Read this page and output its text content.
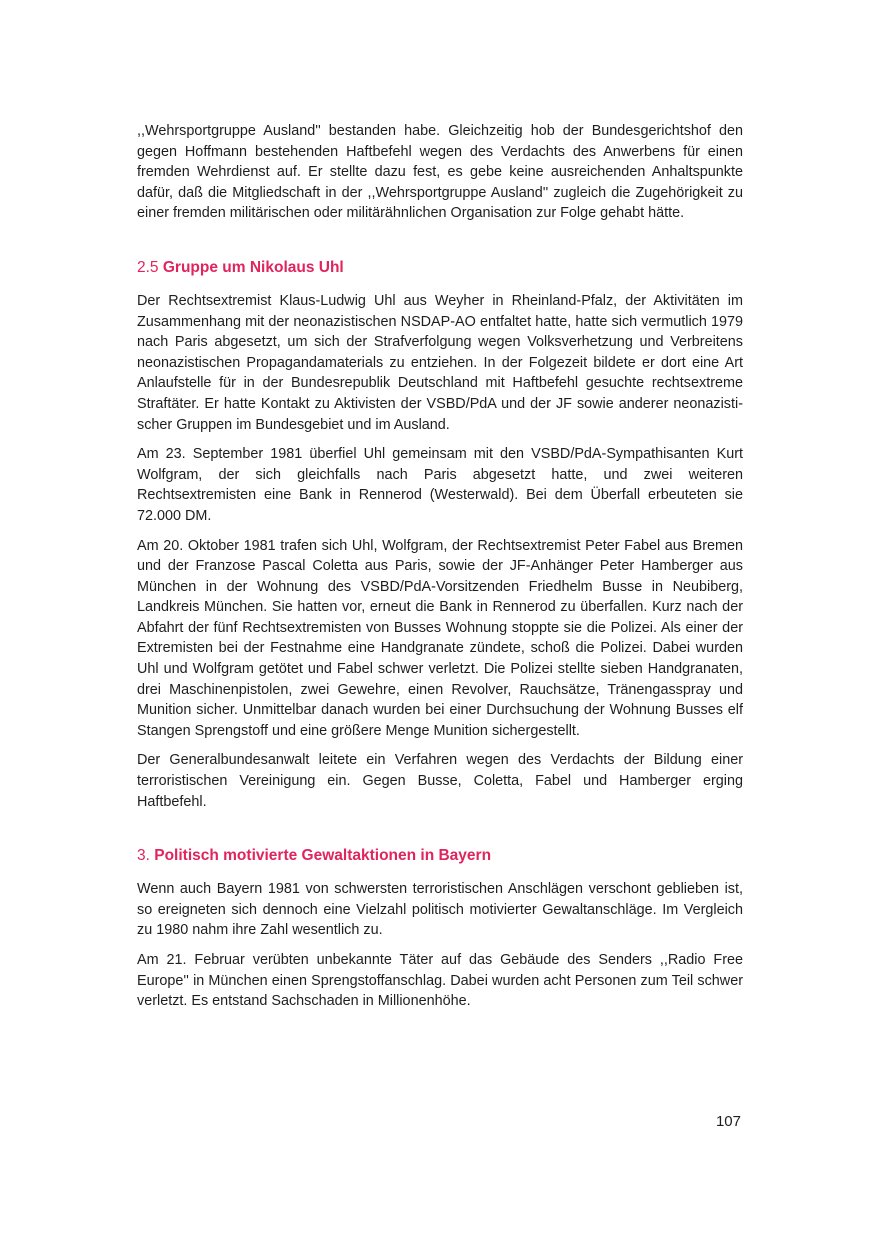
,,Wehrsportgruppe Ausland'' bestanden habe. Gleichzeitig hob der Bundesgerichtshof den gegen Hoffmann bestehenden Haftbefehl wegen des Verdachts des Anwerbens für einen fremden Wehrdienst auf. Er stellte dazu fest, es gebe keine ausreichenden Anhaltspunkte dafür, daß die Mitgliedschaft in der ,,Wehrsportgruppe Ausland'' zugleich die Zugehörigkeit zu einer fremden militärischen oder militärähnlichen Organisation zur Folge gehabt hätte.

2.5 Gruppe um Nikolaus Uhl

Der Rechtsextremist Klaus-Ludwig Uhl aus Weyher in Rheinland-Pfalz, der Aktivitäten im Zusammenhang mit der neonazistischen NSDAP-AO entfaltet hatte, hatte sich vermutlich 1979 nach Paris abgesetzt, um sich der Strafverfolgung wegen Volksverhetzung und Verbreitens neonazistischen Propagandamaterials zu entziehen. In der Folgezeit bildete er dort eine Art Anlaufstelle für in der Bundesrepublik Deutschland mit Haftbefehl gesuchte rechtsextreme Straftäter. Er hatte Kontakt zu Aktivisten der VSBD/PdA und der JF sowie anderer neonazistischer Gruppen im Bundesgebiet und im Ausland.

Am 23. September 1981 überfiel Uhl gemeinsam mit den VSBD/PdA-Sympathisanten Kurt Wolfgram, der sich gleichfalls nach Paris abgesetzt hatte, und zwei weiteren Rechtsextremisten eine Bank in Rennerod (Westerwald). Bei dem Überfall erbeuteten sie 72.000 DM.

Am 20. Oktober 1981 trafen sich Uhl, Wolfgram, der Rechtsextremist Peter Fabel aus Bremen und der Franzose Pascal Coletta aus Paris, sowie der JF-Anhänger Peter Hamberger aus München in der Wohnung des VSBD/PdA-Vorsitzenden Friedhelm Busse in Neubiberg, Landkreis München. Sie hatten vor, erneut die Bank in Rennerod zu überfallen. Kurz nach der Abfahrt der fünf Rechtsextremisten von Busses Wohnung stoppte sie die Polizei. Als einer der Extremisten bei der Festnahme eine Handgranate zündete, schoß die Polizei. Dabei wurden Uhl und Wolfgram getötet und Fabel schwer verletzt. Die Polizei stellte sieben Handgranaten, drei Maschinenpistolen, zwei Gewehre, einen Revolver, Rauchsätze, Tränengasspray und Munition sicher. Unmittelbar danach wurden bei einer Durchsuchung der Wohnung Busses elf Stangen Sprengstoff und eine größere Menge Munition sichergestellt.

Der Generalbundesanwalt leitete ein Verfahren wegen des Verdachts der Bildung einer terroristischen Vereinigung ein. Gegen Busse, Coletta, Fabel und Hamberger erging Haftbefehl.

3. Politisch motivierte Gewaltaktionen in Bayern

Wenn auch Bayern 1981 von schwersten terroristischen Anschlägen verschont geblieben ist, so ereigneten sich dennoch eine Vielzahl politisch motivierter Gewaltanschläge. Im Vergleich zu 1980 nahm ihre Zahl wesentlich zu.

Am 21. Februar verübten unbekannte Täter auf das Gebäude des Senders ,,Radio Free Europe'' in München einen Sprengstoffanschlag. Dabei wurden acht Personen zum Teil schwer verletzt. Es entstand Sachschaden in Millionenhöhe.

107
